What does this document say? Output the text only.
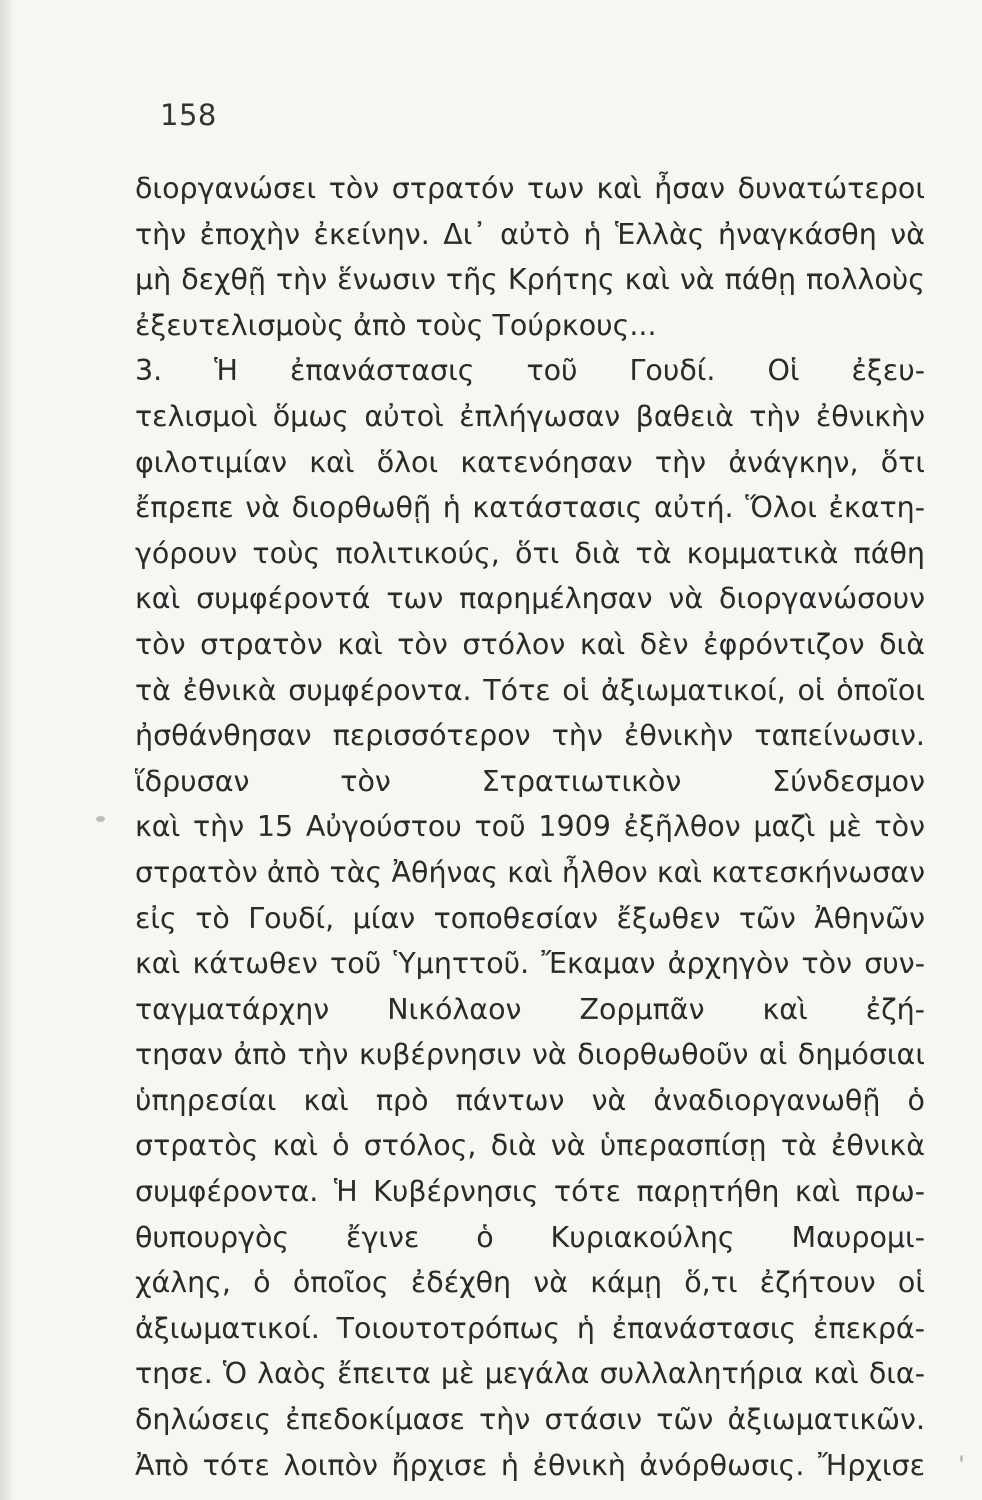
158
διοργανώσει τὸν στρατόν των καὶ ἦσαν δυνατώτεροι
τὴν ἐποχὴν ἐκείνην. Δι᾽ αὐτὸ ἡ Ἑλλὰς ἠναγκάσθη νὰ
μὴ δεχθῇ τὴν ἕνωσιν τῆς Κρήτης καὶ νὰ πάθῃ πολλοὺς
ἐξευτελισμοὺς ἀπὸ τοὺς Τούρκους...
3. Ἡ ἐπανάστασις τοῦ Γουδί. Οἱ ἐξευ-
τελισμοὶ ὅμως αὐτοὶ ἐπλήγωσαν βαθειὰ τὴν ἐθνικὴν
φιλοτιμίαν καὶ ὅλοι κατενόησαν τὴν ἀνάγκην, ὅτι
ἔπρεπε νὰ διορθωθῇ ἡ κατάστασις αὐτή. Ὅλοι ἐκατη-
γόρουν τοὺς πολιτικούς, ὅτι διὰ τὰ κομματικὰ πάθη
καὶ συμφέροντά των παρημέλησαν νὰ διοργανώσουν
τὸν στρατὸν καὶ τὸν στόλον καὶ δὲν ἐφρόντιζον διὰ
τὰ ἐθνικὰ συμφέροντα. Τότε οἱ ἀξιωματικοί, οἱ ὁποῖοι
ἠσθάνθησαν περισσότερον τὴν ἐθνικὴν ταπείνωσιν.
ἵδρυσαν τὸν Στρατιωτικὸν Σύνδεσμον
καὶ τὴν 15 Αὐγούστου τοῦ 1909 ἐξῆλθον μαζὶ μὲ τὸν
στρατὸν ἀπὸ τὰς Ἀθήνας καὶ ἦλθον καὶ κατεσκήνωσαν
εἰς τὸ Γουδί, μίαν τοποθεσίαν ἔξωθεν τῶν Ἀθηνῶν
καὶ κάτωθεν τοῦ Ὑμηττοῦ. Ἔκαμαν ἀρχηγὸν τὸν συν-
ταγματάρχην Νικόλαον Ζορμπᾶν καὶ ἐζή-
τησαν ἀπὸ τὴν κυβέρνησιν νὰ διορθωθοῦν αἱ δημόσιαι
ὑπηρεσίαι καὶ πρὸ πάντων νὰ ἀναδιοργανωθῇ ὁ
στρατὸς καὶ ὁ στόλος, διὰ νὰ ὑπερασπίσῃ τὰ ἐθνικὰ
συμφέροντα. Ἡ Κυβέρνησις τότε παρῃτήθη καὶ πρω-
θυπουργὸς ἔγινε ὁ Κυριακούλης Μαυρομι-
χάλης, ὁ ὁποῖος ἐδέχθη νὰ κάμῃ ὅ,τι ἐζήτουν οἱ
ἀξιωματικοί. Τοιουτοτρόπως ἡ ἐπανάστασις ἐπεκρά-
τησε. Ὁ λαὸς ἔπειτα μὲ μεγάλα συλλαλητήρια καὶ δια-
δηλώσεις ἐπεδοκίμασε τὴν στάσιν τῶν ἀξιωματικῶν.
Ἀπὸ τότε λοιπὸν ἤρχισε ἡ ἐθνικὴ ἀνόρθωσις. Ἤρχισε
